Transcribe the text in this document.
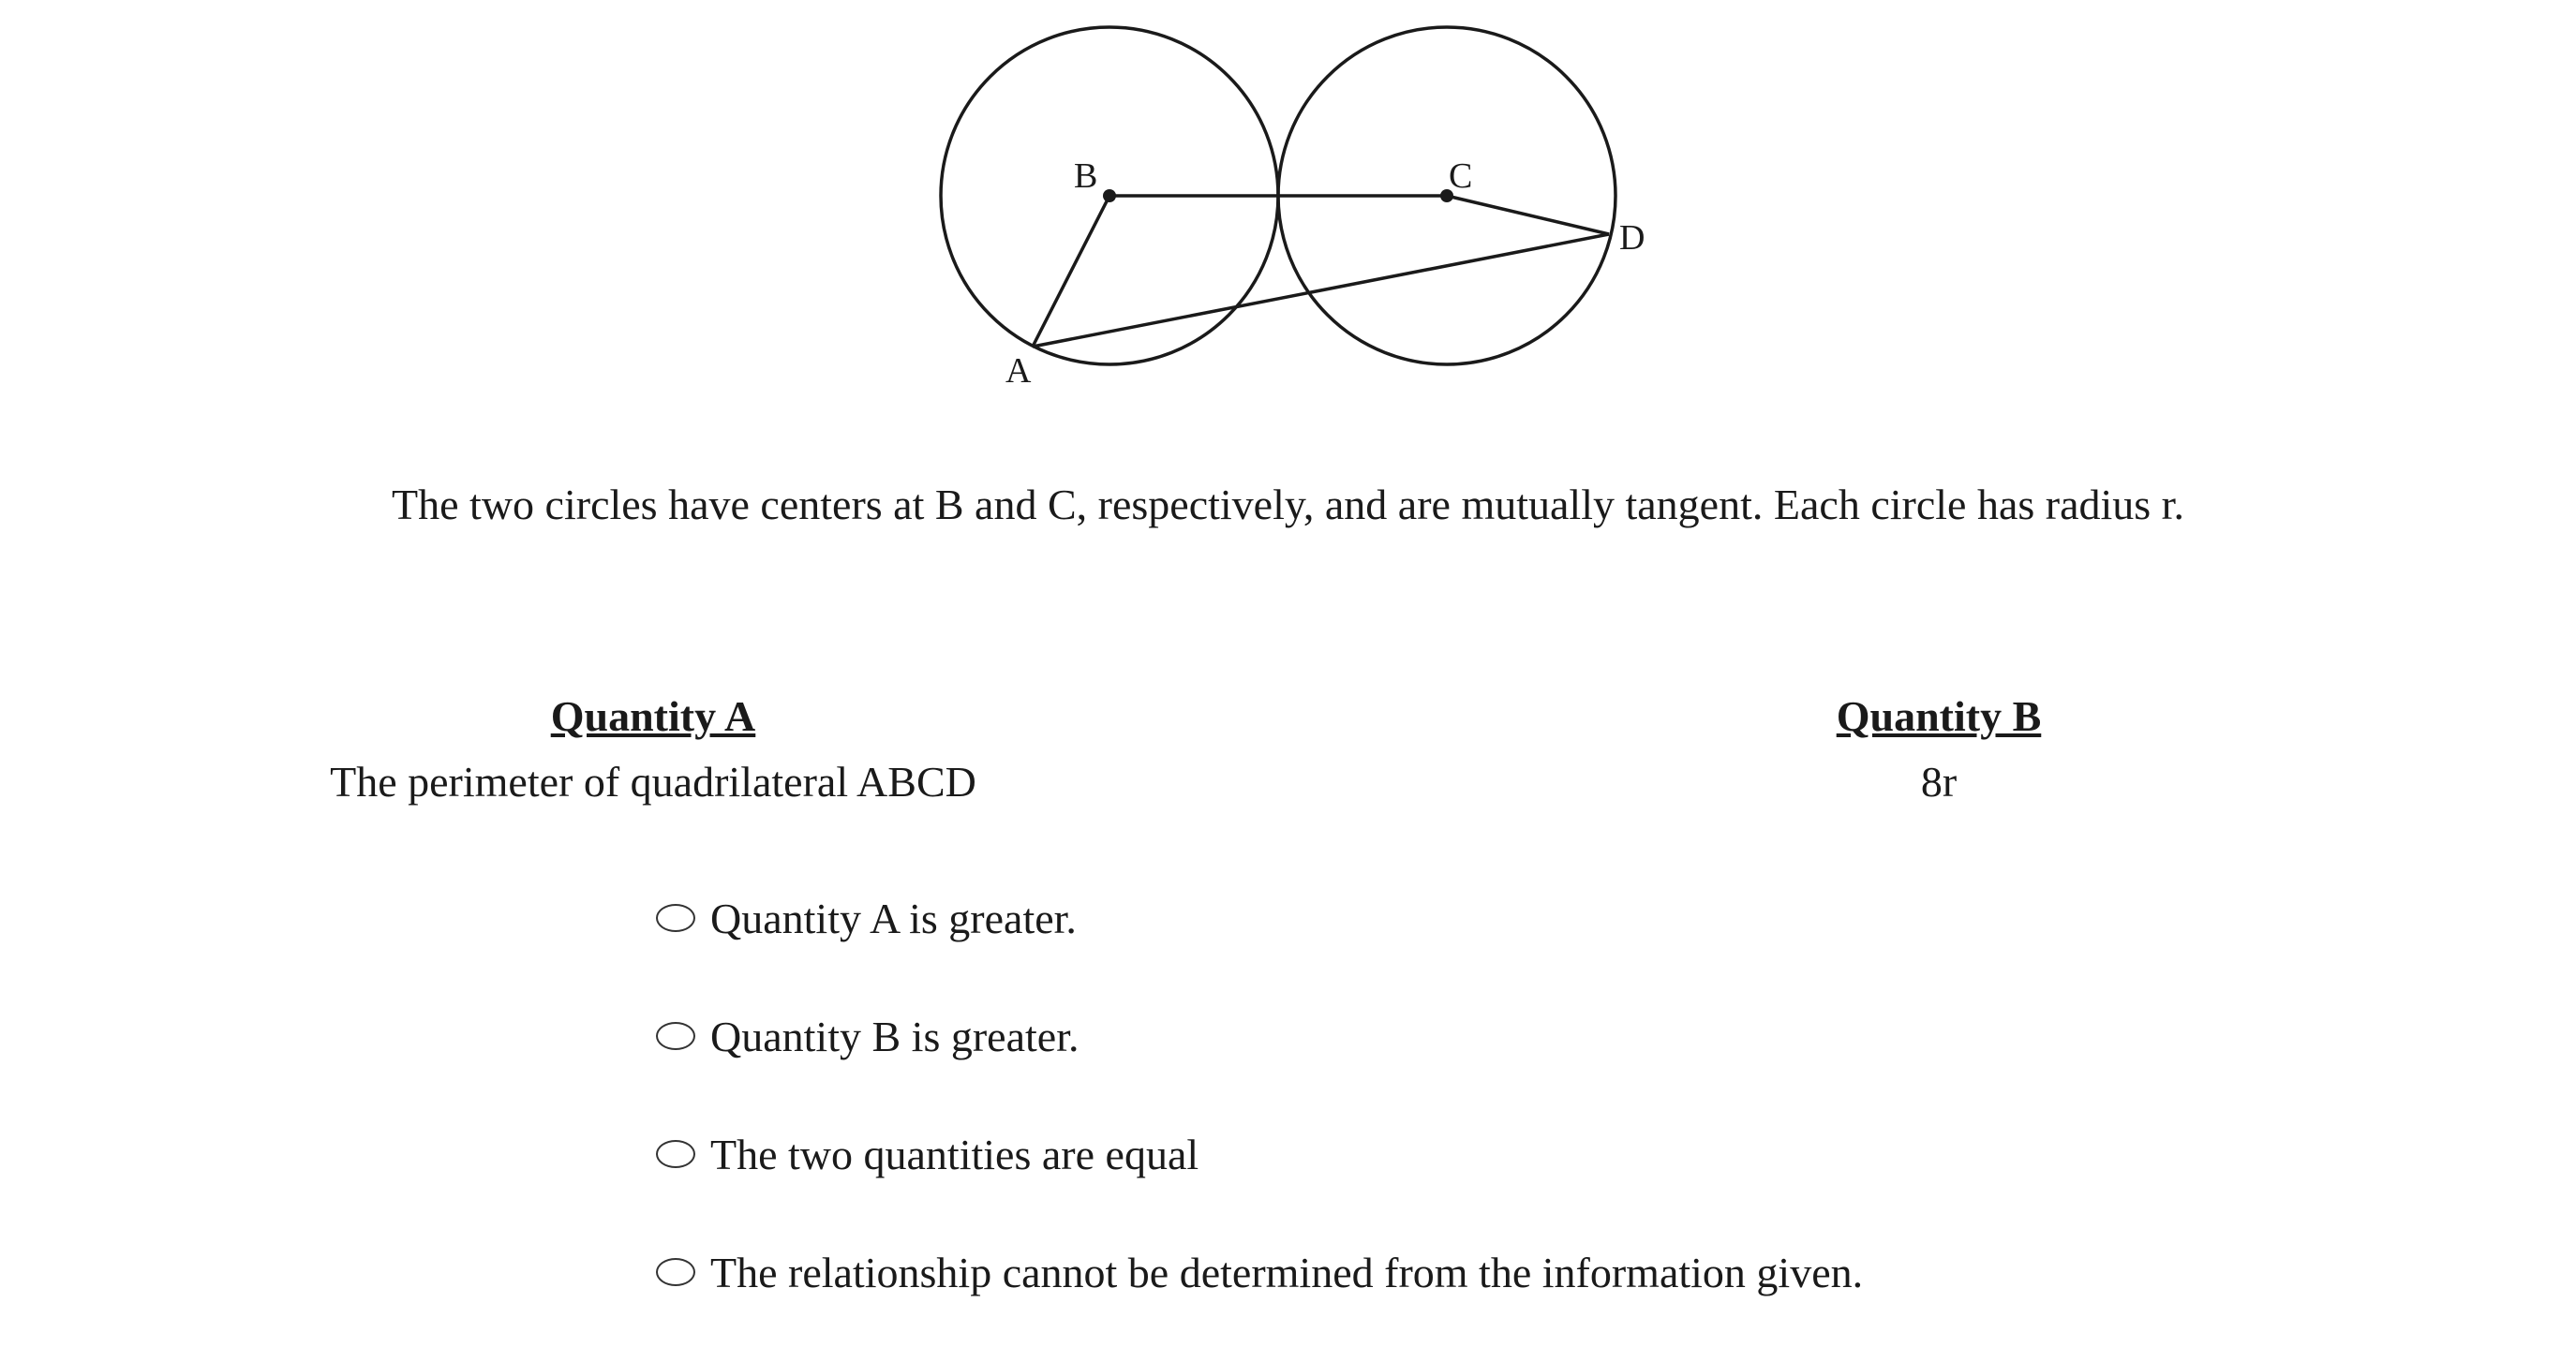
B	C
D
A
The two circles have centers at B and C, respectively, and are mutually tangent. Each circle has radius r.
Quantity A
The perimeter of quadrilateral ABCD
Quantity B
8r
Quantity A is greater.
Quantity B is greater.
The two quantities are equal
The relationship cannot be determined from the information given.
